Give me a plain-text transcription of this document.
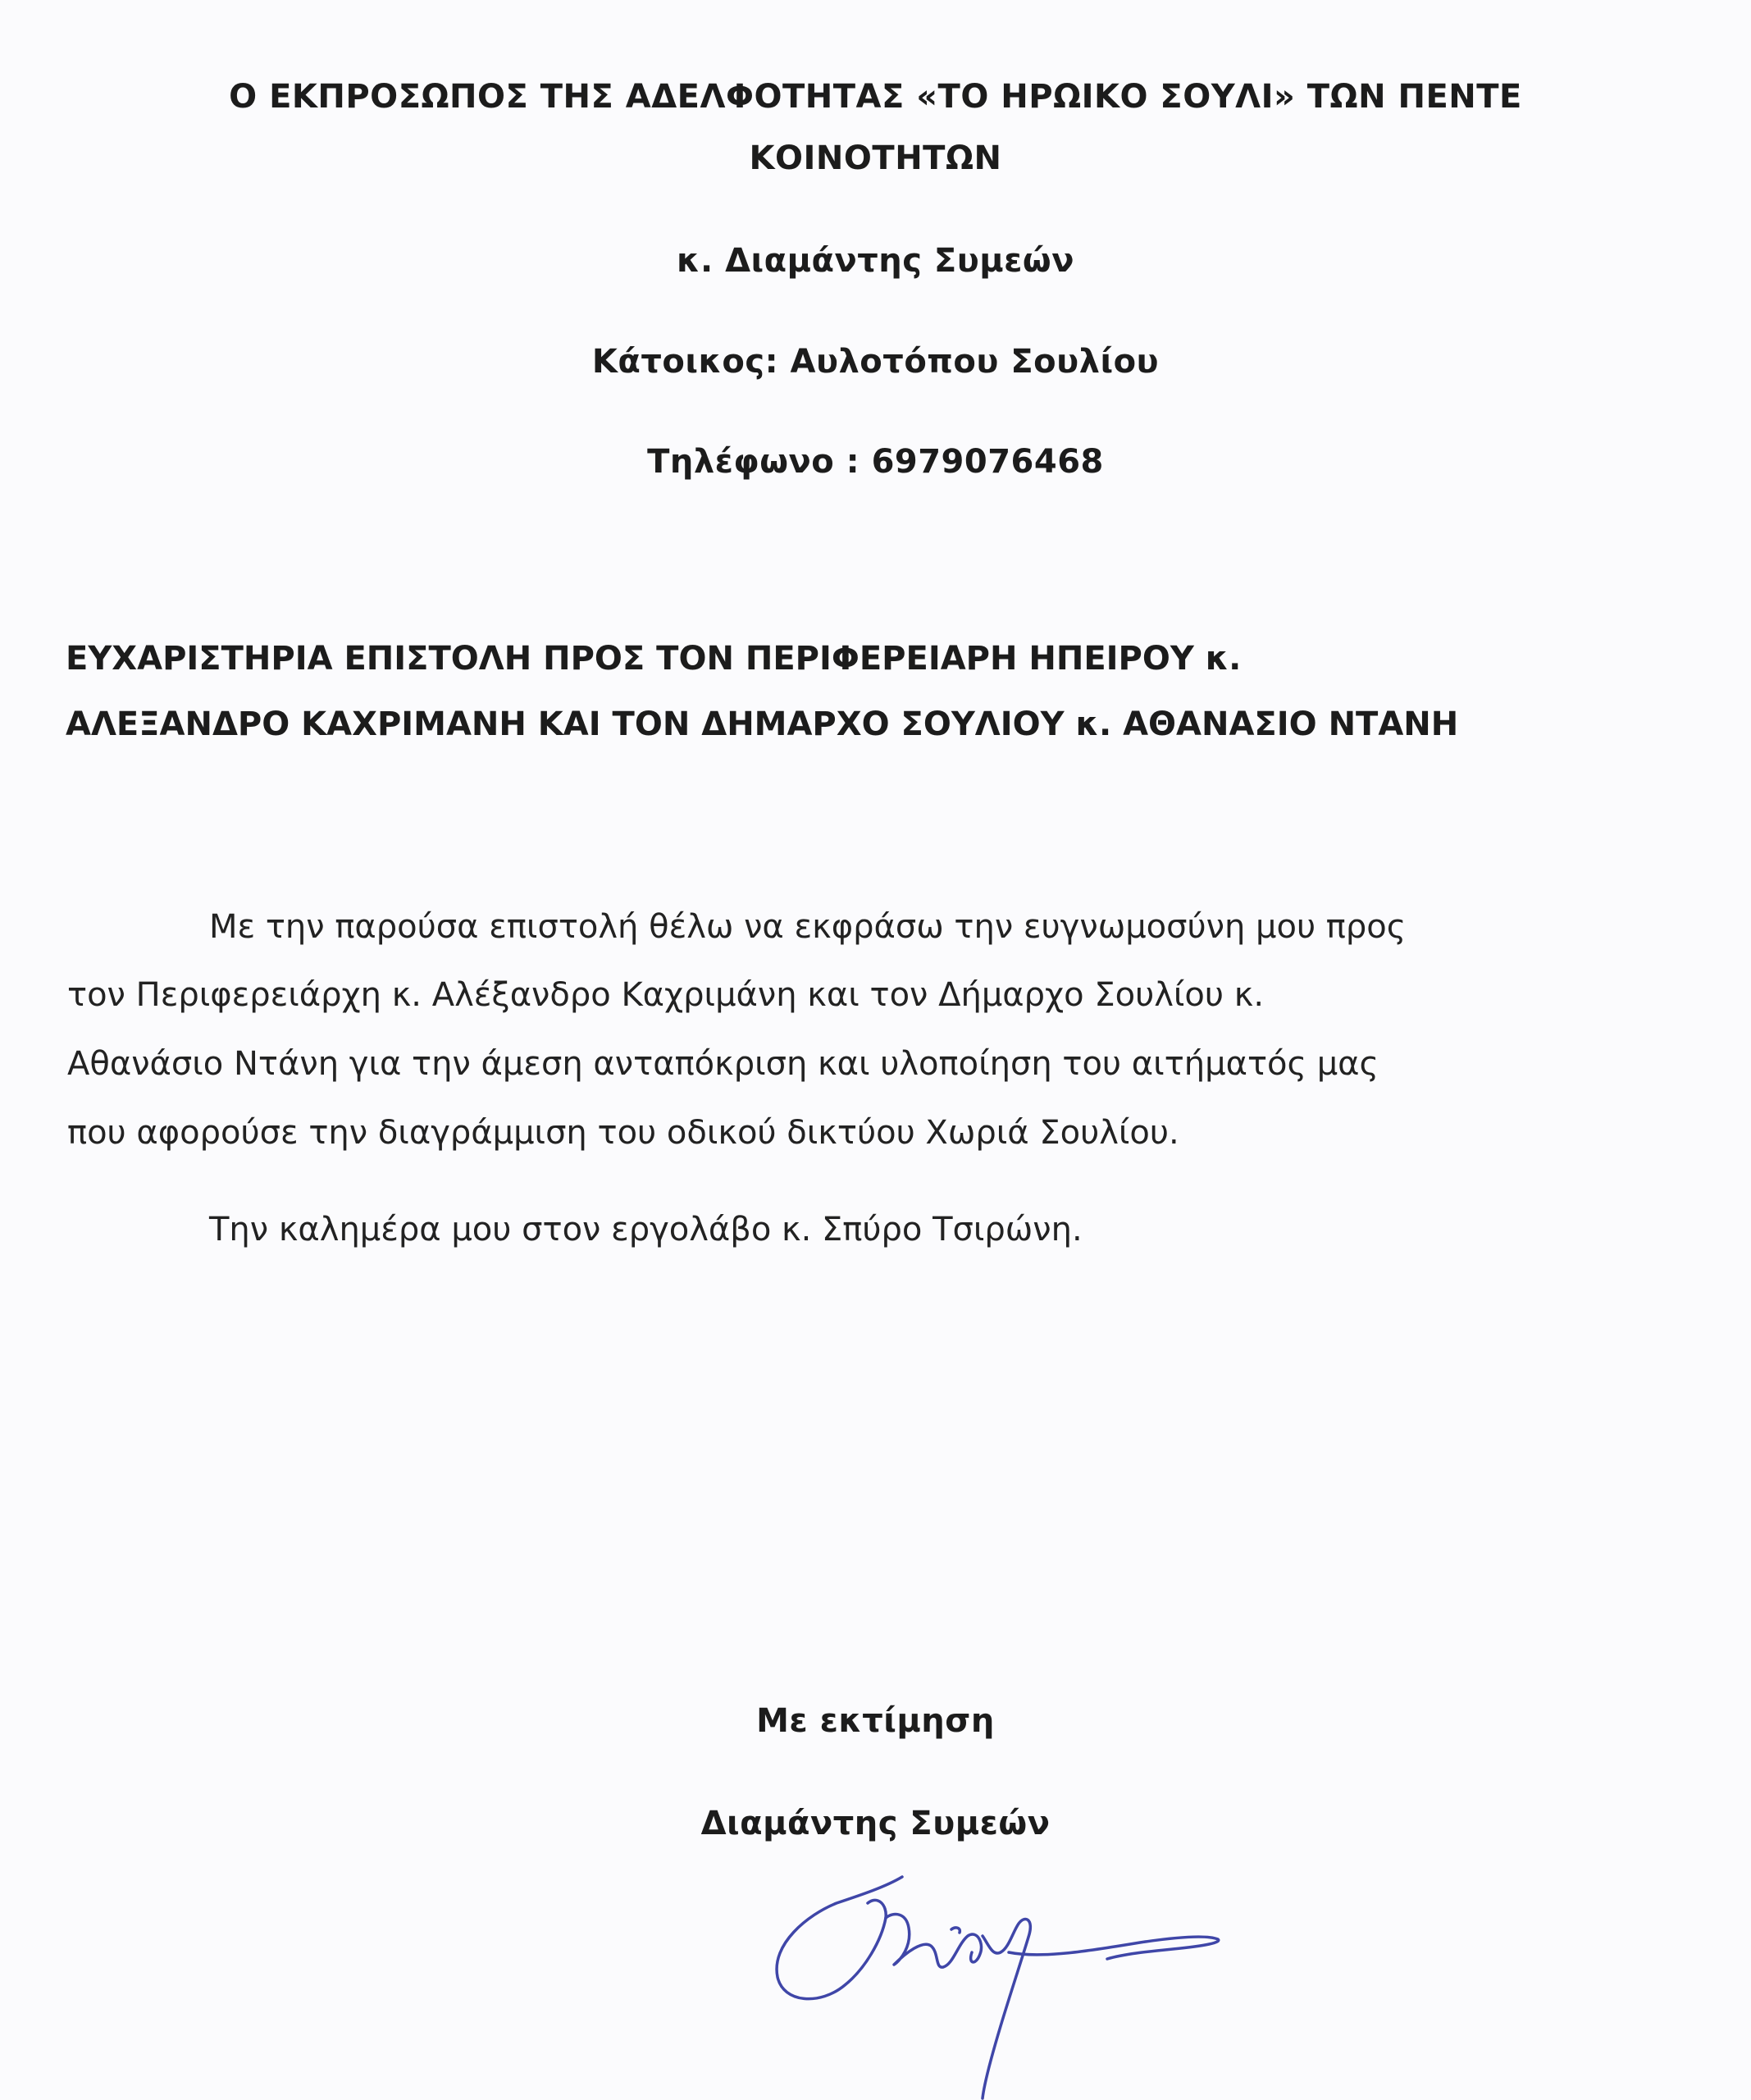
Ο ΕΚΠΡΟΣΩΠΟΣ ΤΗΣ ΑΔΕΛΦΟΤΗΤΑΣ «ΤΟ ΗΡΩΙΚΟ ΣΟΥΛΙ» ΤΩΝ ΠΕΝΤΕ
ΚΟΙΝΟΤΗΤΩΝ
κ. Διαμάντης Συμεών
Κάτοικος: Αυλοτόπου Σουλίου
Τηλέφωνο : 6979076468
ΕΥΧΑΡΙΣΤΗΡΙΑ ΕΠΙΣΤΟΛΗ ΠΡΟΣ ΤΟΝ ΠΕΡΙΦΕΡΕΙΑΡΗ ΗΠΕΙΡΟΥ κ.
ΑΛΕΞΑΝΔΡΟ ΚΑΧΡΙΜΑΝΗ ΚΑΙ ΤΟΝ ΔΗΜΑΡΧΟ ΣΟΥΛΙΟΥ κ. ΑΘΑΝΑΣΙΟ ΝΤΑΝΗ
Με την παρούσα επιστολή θέλω να εκφράσω την ευγνωμοσύνη μου προς
τον Περιφερειάρχη κ. Αλέξανδρο Καχριμάνη και τον Δήμαρχο Σουλίου κ.
Αθανάσιο Ντάνη για την άμεση ανταπόκριση και υλοποίηση του αιτήματός μας
που αφορούσε την διαγράμμιση του οδικού δικτύου Χωριά Σουλίου.
Την καλημέρα μου στον εργολάβο κ. Σπύρο Τσιρώνη.
Με εκτίμηση
Διαμάντης Συμεών
